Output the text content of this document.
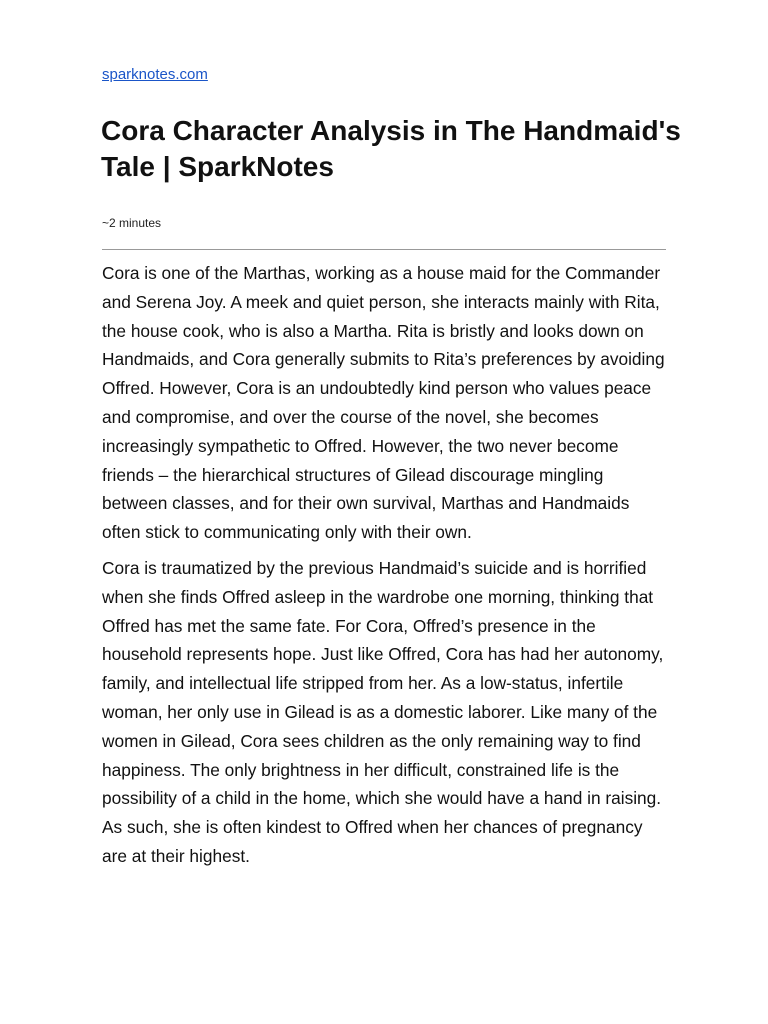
sparknotes.com
Cora Character Analysis in The Handmaid's Tale | SparkNotes
~2 minutes

Cora is one of the Marthas, working as a house maid for the Commander and Serena Joy. A meek and quiet person, she interacts mainly with Rita, the house cook, who is also a Martha. Rita is bristly and looks down on Handmaids, and Cora generally submits to Rita’s preferences by avoiding Offred. However, Cora is an undoubtedly kind person who values peace and compromise, and over the course of the novel, she becomes increasingly sympathetic to Offred. However, the two never become friends – the hierarchical structures of Gilead discourage mingling between classes, and for their own survival, Marthas and Handmaids often stick to communicating only with their own.

Cora is traumatized by the previous Handmaid’s suicide and is horrified when she finds Offred asleep in the wardrobe one morning, thinking that Offred has met the same fate. For Cora, Offred’s presence in the household represents hope. Just like Offred, Cora has had her autonomy, family, and intellectual life stripped from her. As a low-status, infertile woman, her only use in Gilead is as a domestic laborer. Like many of the women in Gilead, Cora sees children as the only remaining way to find happiness. The only brightness in her difficult, constrained life is the possibility of a child in the home, which she would have a hand in raising. As such, she is often kindest to Offred when her chances of pregnancy are at their highest.
